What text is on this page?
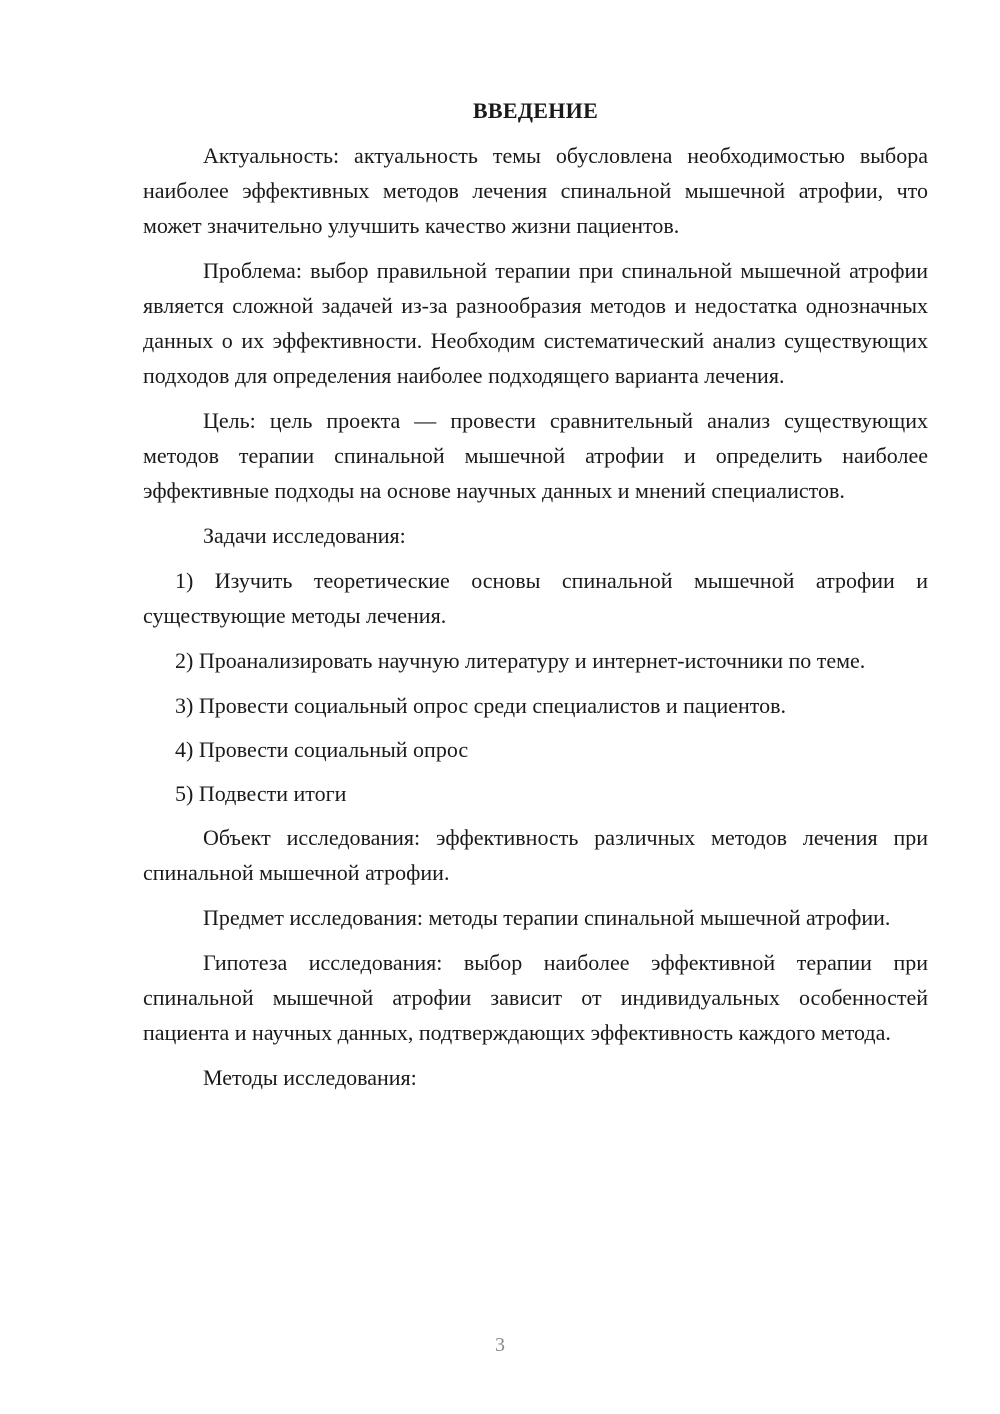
ВВЕДЕНИЕ

Актуальность: актуальность темы обусловлена необходимостью выбора наиболее эффективных методов лечения спинальной мышечной атрофии, что может значительно улучшить качество жизни пациентов.

Проблема: выбор правильной терапии при спинальной мышечной атрофии является сложной задачей из-за разнообразия методов и недостатка однозначных данных о их эффективности. Необходим систематический анализ существующих подходов для определения наиболее подходящего варианта лечения.

Цель: цель проекта — провести сравнительный анализ существующих методов терапии спинальной мышечной атрофии и определить наиболее эффективные подходы на основе научных данных и мнений специалистов.

Задачи исследования:

1) Изучить теоретические основы спинальной мышечной атрофии и существующие методы лечения.

2) Проанализировать научную литературу и интернет-источники по теме.

3) Провести социальный опрос среди специалистов и пациентов.

4) Провести социальный опрос

5) Подвести итоги

Объект исследования: эффективность различных методов лечения при спинальной мышечной атрофии.

Предмет исследования: методы терапии спинальной мышечной атрофии.

Гипотеза исследования: выбор наиболее эффективной терапии при спинальной мышечной атрофии зависит от индивидуальных особенностей пациента и научных данных, подтверждающих эффективность каждого метода.

Методы исследования:

3
